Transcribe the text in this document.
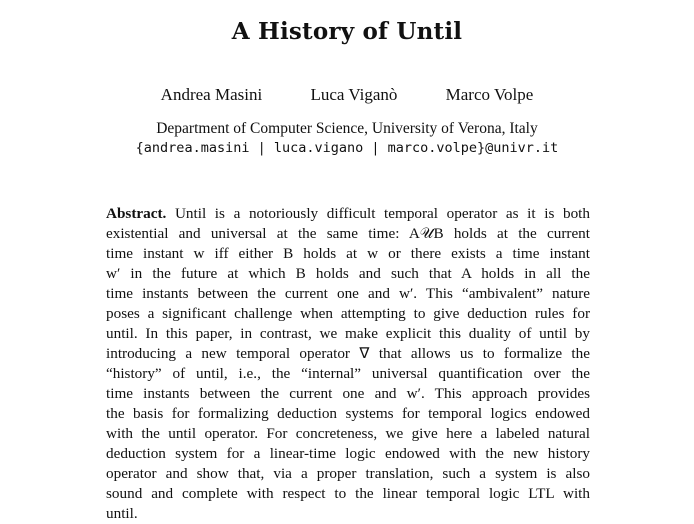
A History of Until
Andrea Masini	Luca Viganò	Marco Volpe
Department of Computer Science, University of Verona, Italy
{andrea.masini | luca.vigano | marco.volpe}@univr.it
Abstract. Until is a notoriously difficult temporal operator as it is both
existential and universal at the same time: A𝒰B holds at the current
time instant w iff either B holds at w or there exists a time instant
w′ in the future at which B holds and such that A holds in all the
time instants between the current one and w′. This “ambivalent” nature
poses a significant challenge when attempting to give deduction rules for
until. In this paper, in contrast, we make explicit this duality of until by
introducing a new temporal operator ∇ that allows us to formalize the
“history” of until, i.e., the “internal” universal quantification over the
time instants between the current one and w′. This approach provides
the basis for formalizing deduction systems for temporal logics endowed
with the until operator. For concreteness, we give here a labeled natural
deduction system for a linear-time logic endowed with the new history
operator and show that, via a proper translation, such a system is also
sound and complete with respect to the linear temporal logic LTL with
until.
